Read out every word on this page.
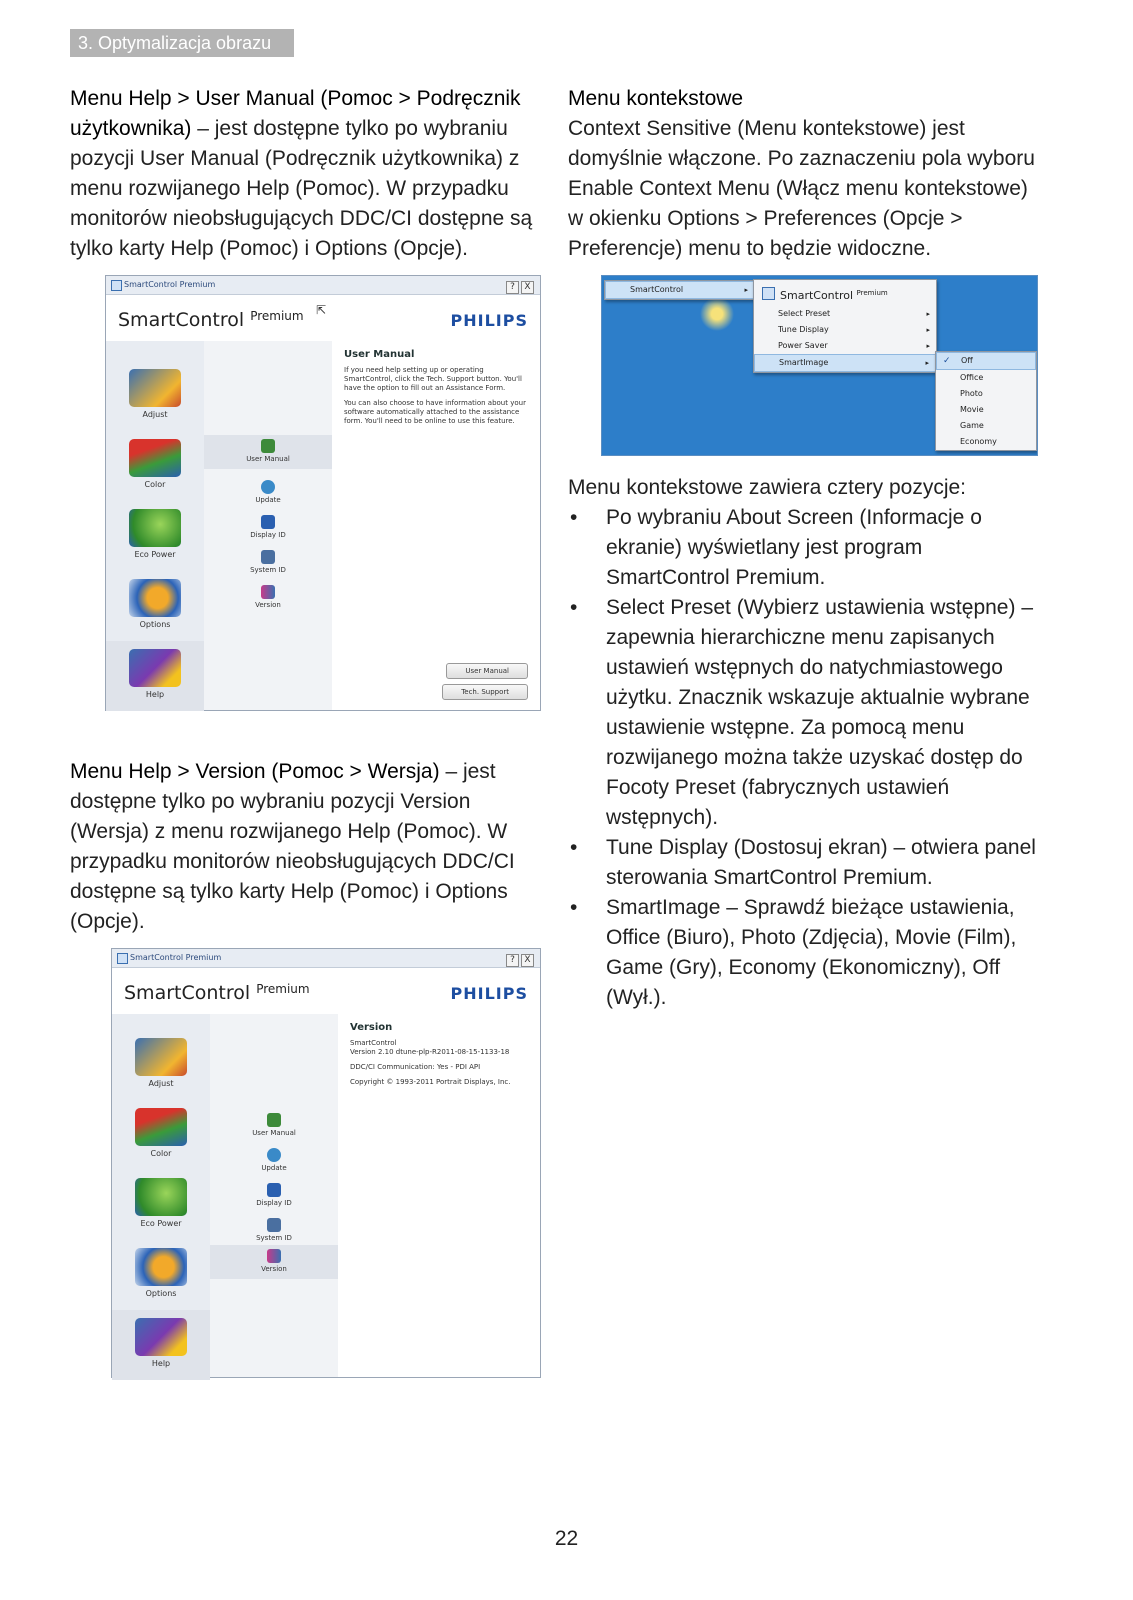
3. Optymalizacja obrazu

Menu Help > User Manual (Pomoc > Podręcznik użytkownika) – jest dostępne tylko po wybraniu pozycji User Manual (Podręcznik użytkownika) z menu rozwijanego Help (Pomoc). W przypadku monitorów nieobsługujących DDC/CI dostępne są tylko karty Help (Pomoc) i Options (Opcje).

SmartControl Premium	? X
SmartControl $^{Premium}$	PHILIPS
⇱
Adjust
Color
Eco Power
Options
Help
User Manual
Update
Display ID
System ID
Version
User Manual
If you need help setting up or operating SmartControl, click the Tech. Support button. You'll have the option to fill out an Assistance Form.
You can also choose to have information about your software automatically attached to the assistance form. You'll need to be online to use this feature.
User Manual Tech. Support

Menu Help > Version (Pomoc > Wersja) – jest dostępne tylko po wybraniu pozycji Version (Wersja) z menu rozwijanego Help (Pomoc). W przypadku monitorów nieobsługujących DDC/CI dostępne są tylko karty Help (Pomoc) i Options (Opcje).

SmartControl Premium	? X
SmartControl $^{Premium}$	PHILIPS
Adjust
Color
Eco Power
Options
Help
User Manual
Update
Display ID
System ID
Version
Version
SmartControl
Version 2.10 dtune-plp-R2011-08-15-1133-18
DDC/CI Communication: Yes - PDI API
Copyright © 1993-2011 Portrait Displays, Inc.

Menu kontekstowe

Context Sensitive (Menu kontekstowe) jest domyślnie włączone. Po zaznaczeniu pola wyboru Enable Context Menu (Włącz menu kontekstowe) w okienku Options > Preferences (Opcje > Preferencje) menu to będzie widoczne.

SmartControl	▸	SmartControl $^{Premium}$
Select Preset	▸
Tune Display	▸
Power Saver	▸
SmartImage	▸ ✓ Off
Office
Photo
Movie
Game
Economy

Menu kontekstowe zawiera cztery pozycje:

• Po wybraniu About Screen (Informacje o ekranie) wyświetlany jest program SmartControl Premium.
• Select Preset (Wybierz ustawienia wstępne) – zapewnia hierarchiczne menu zapisanych ustawień wstępnych do natychmiastowego użytku. Znacznik wskazuje aktualnie wybrane ustawienie wstępne. Za pomocą menu rozwijanego można także uzyskać dostęp do Focoty Preset (fabrycznych ustawień wstępnych).
• Tune Display (Dostosuj ekran) – otwiera panel sterowania SmartControl Premium.
• SmartImage – Sprawdź bieżące ustawienia, Office (Biuro), Photo (Zdjęcia), Movie (Film), Game (Gry), Economy (Ekonomiczny), Off (Wył.).
22
